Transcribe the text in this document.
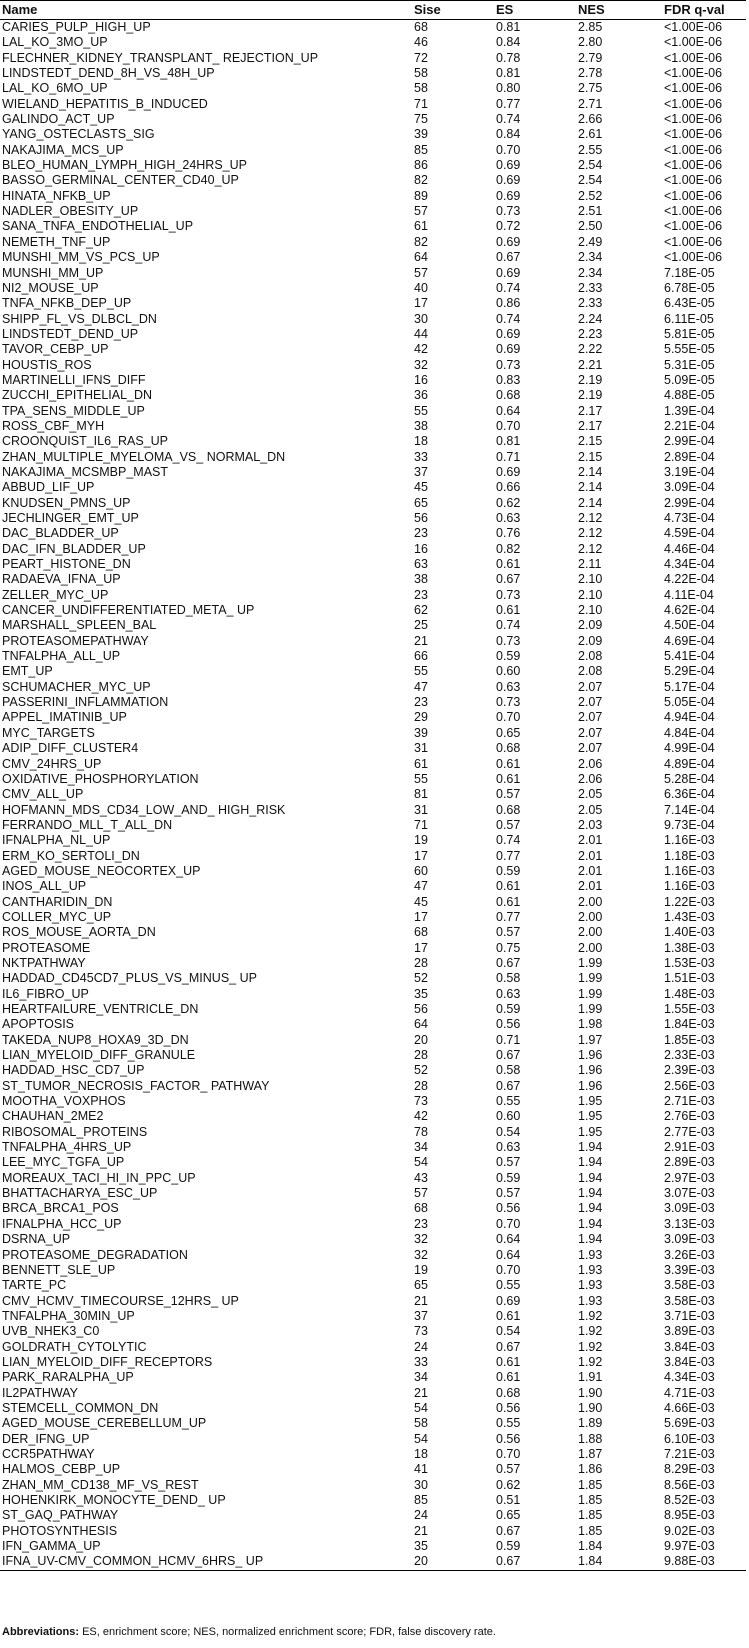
Name	Sise	ES	NES	FDR q-val
CARIES_PULP_HIGH_UP	68	0.81	2.85	<1.00E-06
LAL_KO_3MO_UP	46	0.84	2.80	<1.00E-06
FLECHNER_KIDNEY_TRANSPLANT_ REJECTION_UP	72	0.78	2.79	<1.00E-06
LINDSTEDT_DEND_8H_VS_48H_UP	58	0.81	2.78	<1.00E-06
LAL_KO_6MO_UP	58	0.80	2.75	<1.00E-06
WIELAND_HEPATITIS_B_INDUCED	71	0.77	2.71	<1.00E-06
GALINDO_ACT_UP	75	0.74	2.66	<1.00E-06
YANG_OSTECLASTS_SIG	39	0.84	2.61	<1.00E-06
NAKAJIMA_MCS_UP	85	0.70	2.55	<1.00E-06
BLEO_HUMAN_LYMPH_HIGH_24HRS_UP	86	0.69	2.54	<1.00E-06
BASSO_GERMINAL_CENTER_CD40_UP	82	0.69	2.54	<1.00E-06
HINATA_NFKB_UP	89	0.69	2.52	<1.00E-06
NADLER_OBESITY_UP	57	0.73	2.51	<1.00E-06
SANA_TNFA_ENDOTHELIAL_UP	61	0.72	2.50	<1.00E-06
NEMETH_TNF_UP	82	0.69	2.49	<1.00E-06
MUNSHI_MM_VS_PCS_UP	64	0.67	2.34	<1.00E-06
MUNSHI_MM_UP	57	0.69	2.34	7.18E-05
NI2_MOUSE_UP	40	0.74	2.33	6.78E-05
TNFA_NFKB_DEP_UP	17	0.86	2.33	6.43E-05
SHIPP_FL_VS_DLBCL_DN	30	0.74	2.24	6.11E-05
LINDSTEDT_DEND_UP	44	0.69	2.23	5.81E-05
TAVOR_CEBP_UP	42	0.69	2.22	5.55E-05
HOUSTIS_ROS	32	0.73	2.21	5.31E-05
MARTINELLI_IFNS_DIFF	16	0.83	2.19	5.09E-05
ZUCCHI_EPITHELIAL_DN	36	0.68	2.19	4.88E-05
TPA_SENS_MIDDLE_UP	55	0.64	2.17	1.39E-04
ROSS_CBF_MYH	38	0.70	2.17	2.21E-04
CROONQUIST_IL6_RAS_UP	18	0.81	2.15	2.99E-04
ZHAN_MULTIPLE_MYELOMA_VS_ NORMAL_DN	33	0.71	2.15	2.89E-04
NAKAJIMA_MCSMBP_MAST	37	0.69	2.14	3.19E-04
ABBUD_LIF_UP	45	0.66	2.14	3.09E-04
KNUDSEN_PMNS_UP	65	0.62	2.14	2.99E-04
JECHLINGER_EMT_UP	56	0.63	2.12	4.73E-04
DAC_BLADDER_UP	23	0.76	2.12	4.59E-04
DAC_IFN_BLADDER_UP	16	0.82	2.12	4.46E-04
PEART_HISTONE_DN	63	0.61	2.11	4.34E-04
RADAEVA_IFNA_UP	38	0.67	2.10	4.22E-04
ZELLER_MYC_UP	23	0.73	2.10	4.11E-04
CANCER_UNDIFFERENTIATED_META_ UP	62	0.61	2.10	4.62E-04
MARSHALL_SPLEEN_BAL	25	0.74	2.09	4.50E-04
PROTEASOMEPATHWAY	21	0.73	2.09	4.69E-04
TNFALPHA_ALL_UP	66	0.59	2.08	5.41E-04
EMT_UP	55	0.60	2.08	5.29E-04
SCHUMACHER_MYC_UP	47	0.63	2.07	5.17E-04
PASSERINI_INFLAMMATION	23	0.73	2.07	5.05E-04
APPEL_IMATINIB_UP	29	0.70	2.07	4.94E-04
MYC_TARGETS	39	0.65	2.07	4.84E-04
ADIP_DIFF_CLUSTER4	31	0.68	2.07	4.99E-04
CMV_24HRS_UP	61	0.61	2.06	4.89E-04
OXIDATIVE_PHOSPHORYLATION	55	0.61	2.06	5.28E-04
CMV_ALL_UP	81	0.57	2.05	6.36E-04
HOFMANN_MDS_CD34_LOW_AND_ HIGH_RISK	31	0.68	2.05	7.14E-04
FERRANDO_MLL_T_ALL_DN	71	0.57	2.03	9.73E-04
IFNALPHA_NL_UP	19	0.74	2.01	1.16E-03
ERM_KO_SERTOLI_DN	17	0.77	2.01	1.18E-03
AGED_MOUSE_NEOCORTEX_UP	60	0.59	2.01	1.16E-03
INOS_ALL_UP	47	0.61	2.01	1.16E-03
CANTHARIDIN_DN	45	0.61	2.00	1.22E-03
COLLER_MYC_UP	17	0.77	2.00	1.43E-03
ROS_MOUSE_AORTA_DN	68	0.57	2.00	1.40E-03
PROTEASOME	17	0.75	2.00	1.38E-03
NKTPATHWAY	28	0.67	1.99	1.53E-03
HADDAD_CD45CD7_PLUS_VS_MINUS_ UP	52	0.58	1.99	1.51E-03
IL6_FIBRO_UP	35	0.63	1.99	1.48E-03
HEARTFAILURE_VENTRICLE_DN	56	0.59	1.99	1.55E-03
APOPTOSIS	64	0.56	1.98	1.84E-03
TAKEDA_NUP8_HOXA9_3D_DN	20	0.71	1.97	1.85E-03
LIAN_MYELOID_DIFF_GRANULE	28	0.67	1.96	2.33E-03
HADDAD_HSC_CD7_UP	52	0.58	1.96	2.39E-03
ST_TUMOR_NECROSIS_FACTOR_ PATHWAY	28	0.67	1.96	2.56E-03
MOOTHA_VOXPHOS	73	0.55	1.95	2.71E-03
CHAUHAN_2ME2	42	0.60	1.95	2.76E-03
RIBOSOMAL_PROTEINS	78	0.54	1.95	2.77E-03
TNFALPHA_4HRS_UP	34	0.63	1.94	2.91E-03
LEE_MYC_TGFA_UP	54	0.57	1.94	2.89E-03
MOREAUX_TACI_HI_IN_PPC_UP	43	0.59	1.94	2.97E-03
BHATTACHARYA_ESC_UP	57	0.57	1.94	3.07E-03
BRCA_BRCA1_POS	68	0.56	1.94	3.09E-03
IFNALPHA_HCC_UP	23	0.70	1.94	3.13E-03
DSRNA_UP	32	0.64	1.94	3.09E-03
PROTEASOME_DEGRADATION	32	0.64	1.93	3.26E-03
BENNETT_SLE_UP	19	0.70	1.93	3.39E-03
TARTE_PC	65	0.55	1.93	3.58E-03
CMV_HCMV_TIMECOURSE_12HRS_ UP	21	0.69	1.93	3.58E-03
TNFALPHA_30MIN_UP	37	0.61	1.92	3.71E-03
UVB_NHEK3_C0	73	0.54	1.92	3.89E-03
GOLDRATH_CYTOLYTIC	24	0.67	1.92	3.84E-03
LIAN_MYELOID_DIFF_RECEPTORS	33	0.61	1.92	3.84E-03
PARK_RARALPHA_UP	34	0.61	1.91	4.34E-03
IL2PATHWAY	21	0.68	1.90	4.71E-03
STEMCELL_COMMON_DN	54	0.56	1.90	4.66E-03
AGED_MOUSE_CEREBELLUM_UP	58	0.55	1.89	5.69E-03
DER_IFNG_UP	54	0.56	1.88	6.10E-03
CCR5PATHWAY	18	0.70	1.87	7.21E-03
HALMOS_CEBP_UP	41	0.57	1.86	8.29E-03
ZHAN_MM_CD138_MF_VS_REST	30	0.62	1.85	8.56E-03
HOHENKIRK_MONOCYTE_DEND_ UP	85	0.51	1.85	8.52E-03
ST_GAQ_PATHWAY	24	0.65	1.85	8.95E-03
PHOTOSYNTHESIS	21	0.67	1.85	9.02E-03
IFN_GAMMA_UP	35	0.59	1.84	9.97E-03
IFNA_UV-CMV_COMMON_HCMV_6HRS_ UP	20	0.67	1.84	9.88E-03
Abbreviations: ES, enrichment score; NES, normalized enrichment score; FDR, false discovery rate.
